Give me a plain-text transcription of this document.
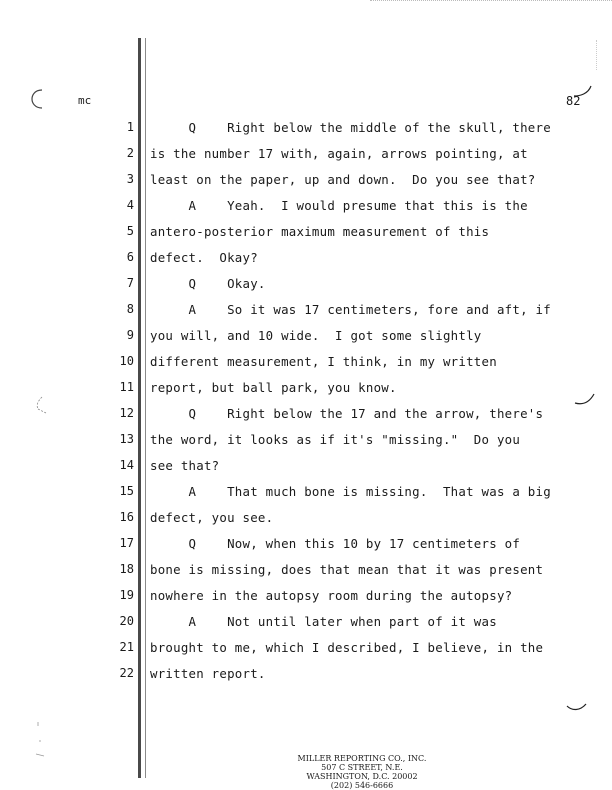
mc	82
1 Q    Right below the middle of the skull, there
2 is the number 17 with, again, arrows pointing, at
3 least on the paper, up and down.  Do you see that?
4 A    Yeah.  I would presume that this is the
5 antero-posterior maximum measurement of this
6 defect.  Okay?
7 Q    Okay.
8 A    So it was 17 centimeters, fore and aft, if
9 you will, and 10 wide.  I got some slightly
10 different measurement, I think, in my written
11 report, but ball park, you know.
12 Q    Right below the 17 and the arrow, there's
13 the word, it looks as if it's "missing."  Do you
14 see that?
15 A    That much bone is missing.  That was a big
16 defect, you see.
17 Q    Now, when this 10 by 17 centimeters of
18 bone is missing, does that mean that it was present
19 nowhere in the autopsy room during the autopsy?
20 A    Not until later when part of it was
21 brought to me, which I described, I believe, in the
22 written report.
MILLER REPORTING CO., INC.
507 C STREET, N.E.
WASHINGTON, D.C. 20002
(202) 546-6666
